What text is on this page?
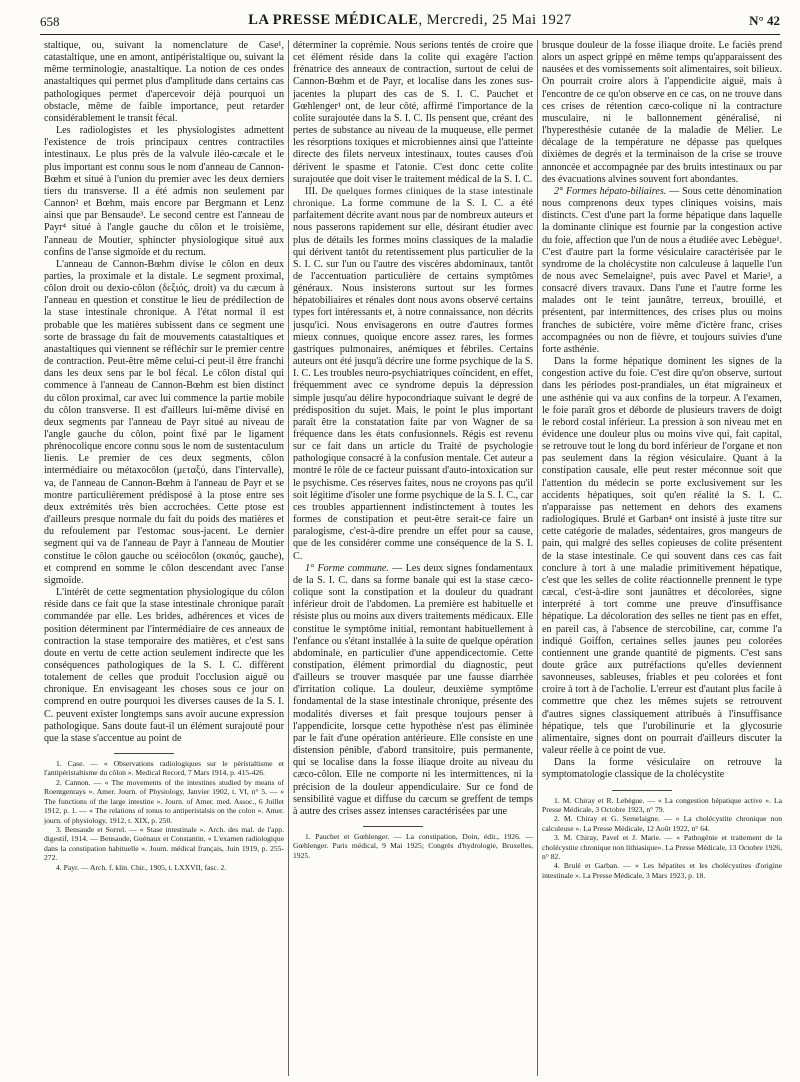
658	LA PRESSE MÉDICALE, Mercredi, 25 Mai 1927	N° 42

staltique, ou, suivant la nomenclature de Case¹, catastaltique, une en amont, antipéristaltique ou, suivant la même terminologie, anastaltique. La notion de ces ondes anastaltiques qui permet plus d'amplitude dans certains cas pathologiques permet d'apercevoir déjà pourquoi un obstacle, même de faible importance, peut retarder considérablement le transit fécal.

Les radiologistes et les physiologistes admettent l'existence de trois principaux centres contractiles intestinaux. Le plus près de la valvule iléo-cæcale et le plus important est connu sous le nom d'anneau de Cannon-Bœhm et situé à l'union du premier avec les deux derniers tiers du transverse. Il a été admis non seulement par Cannon² et Bœhm, mais encore par Bergmann et Lenz ainsi que par Bensaude³. Le second centre est l'anneau de Payr⁴ situé à l'angle gauche du côlon et le troisième, l'anneau de Moutier, sphincter physiologique situé aux confins de l'anse sigmoïde et du rectum.

L'anneau de Cannon-Bœhm divise le côlon en deux parties, la proximale et la distale. Le segment proximal, côlon droit ou dexio-côlon (δεξιός, droit) va du cæcum à l'anneau en question et constitue le lieu de prédilection de la stase intestinale chronique. A l'état normal il est probable que les matières subissent dans ce segment une sorte de brassage du fait de mouvements catastaltiques et anastaltiques qui viennent se réfléchir sur le premier centre de contraction. Peut-être même celui-ci peut-il être franchi dans les deux sens par le bol fécal. Le côlon distal qui commence à l'anneau de Cannon-Bœhm est bien distinct du côlon proximal, car avec lui commence la partie mobile du côlon transverse. Il est d'ailleurs lui-même divisé en deux segments par l'anneau de Payr situé au niveau de l'angle gauche du côlon, point fixé par le ligament phrénocolique encore connu sous le nom de sustentaculum lienis. Le premier de ces deux segments, côlon intermédiaire ou métaxocôlon (μεταξύ, dans l'intervalle), va, de l'anneau de Cannon-Bœhm à l'anneau de Payr et se montre particulièrement prédisposé à la ptose entre ses deux extrémités très bien accrochées. Cette ptose est d'ailleurs presque normale du fait du poids des matières et du refoulement par l'estomac sous-jacent. Le dernier segment qui va de l'anneau de Payr à l'anneau de Moutier constitue le côlon gauche ou scéiocôlon (σκαιός, gauche), et comprend en somme le côlon descendant avec l'anse sigmoïde.

L'intérêt de cette segmentation physiologique du côlon réside dans ce fait que la stase intestinale chronique paraît commandée par elle. Les brides, adhérences et vices de position déterminent par l'intermédiaire de ces anneaux de contraction la stase temporaire des matières, et c'est sans doute en vertu de cette action seulement indirecte que les conséquences pathologiques de la S. I. C. diffèrent totalement de celles que produit l'occlusion aiguë ou chronique. En envisageant les choses sous ce jour on comprend en outre pourquoi les diverses causes de la S. I. C. peuvent exister longtemps sans avoir aucune expression pathologique. Sans doute faut-il un élément surajouté pour que la stase s'accentue au point de

1. Case. — « Observations radiologiques sur le péristaltisme et l'antipéristaltisme du côlon ». Medical Record, 7 Mars 1914, p. 415-426.

2. Cannon. — « The movements of the intestines studied by means of Roentgenrays ». Amer. Journ. of Physiology, Janvier 1902, t. VI, n° 5. — « The functions of the large intestine ». Journ. of Amer. med. Assoc., 6 Juillet 1912, p. 1. — « The relations of tonus to antiperistalsis on the colon ». Amer. journ. of physiology, 1912, t. XIX, p. 250.

3. Bensaude et Sorrel. — « Stase intestinale ». Arch. des mal. de l'app. digestif, 1914. — Bensaude, Guénaux et Constantin. « L'examen radiologique dans la constipation habituelle ». Journ. médical français, Juin 1919, p. 255-272.

4. Payr. — Arch. f. klin. Chir., 1905, t. LXXVII, fasc. 2.

déterminer la coprémie. Nous serions tentés de croire que cet élément réside dans la colite qui exagère l'action frénatrice des anneaux de contraction, surtout de celui de Cannon-Bœhm et de Payr, et localise dans les zones sus-jacentes la plupart des cas de S. I. C. Pauchet et Gœhlenger¹ ont, de leur côté, affirmé l'importance de la colite surajoutée dans la S. I. C. Ils pensent que, créant des pertes de substance au niveau de la muqueuse, elle permet les résorptions toxiques et microbiennes ainsi que l'atteinte directe des filets nerveux intestinaux, toutes causes d'où dérivent le spasme et l'atonie. C'est donc cette colite surajoutée que doit viser le traitement médical de la S. I. C.

III. De quelques formes cliniques de la stase intestinale chronique. La forme commune de la S. I. C. a été parfaitement décrite avant nous par de nombreux auteurs et nous passerons rapidement sur elle, désirant étudier avec plus de détails les formes moins classiques de la maladie qui dérivent tantôt du retentissement plus particulier de la S. I. C. sur l'un ou l'autre des viscères abdominaux, tantôt de l'accentuation particulière de certains symptômes généraux. Nous insisterons surtout sur les formes hépatobiliaires et rénales dont nous avons observé certains types fort intéressants et, à notre connaissance, non décrits jusqu'ici. Nous envisagerons en outre d'autres formes mieux connues, quoique encore assez rares, les formes gastriques pulmonaires, anémiques et fébriles. Certains auteurs ont été jusqu'à décrire une forme psychique de la S. I. C. Les troubles neuro-psychiatriques coïncident, en effet, fréquemment avec ce syndrome depuis la dépression simple jusqu'au délire hypocondriaque suivant le degré de prédisposition du sujet. Mais, le point le plus important paraît être la constatation faite par von Wagner de sa fréquence dans les états confusionnels. Régis est revenu sur ce fait dans un article du Traité de psychologie pathologique consacré à la confusion mentale. Cet auteur a montré le rôle de ce facteur puissant d'auto-intoxication sur le psychisme. Ces réserves faites, nous ne croyons pas qu'il soit légitime d'isoler une forme psychique de la S. I. C., car ces troubles appartiennent indistinctement à toutes les formes de constipation et peut-être serait-ce faire un paralogisme, c'est-à-dire prendre un effet pour sa cause, que de les considérer comme une conséquence de la S. I. C.

1° Forme commune. — Les deux signes fondamentaux de la S. I. C. dans sa forme banale qui est la stase cæco-colique sont la constipation et la douleur du quadrant inférieur droit de l'abdomen. La première est habituelle et résiste plus ou moins aux divers traitements médicaux. Elle constitue le symptôme initial, remontant habituellement à l'enfance ou s'étant installée à la suite de quelque opération abdominale, en particulier d'une appendicectomie. Cette constipation, élément primordial du diagnostic, peut d'ailleurs se trouver masquée par une fausse diarrhée d'irritation colique. La douleur, deuxième symptôme fondamental de la stase intestinale chronique, présente des modalités diverses et fait presque toujours penser à l'appendicite, lorsque cette hypothèse n'est pas éliminée par le fait d'une opération antérieure. Elle consiste en une distension pénible, d'abord transitoire, puis permanente, qui se localise dans la fosse iliaque droite au niveau du cæco-côlon. Elle ne comporte ni les intermittences, ni la précision de la douleur appendiculaire. Sur ce fond de sensibilité vague et diffuse du cæcum se greffent de temps à autre des crises assez intenses caractérisées par une

1. Pauchet et Gœhlenger. — La constipation, Doin, édit., 1926. — Gœhlenger. Paris médical, 9 Mai 1925; Congrès d'hydrologie, Bruxelles, 1925.

brusque douleur de la fosse iliaque droite. Le faciès prend alors un aspect grippé en même temps qu'apparaissent des nausées et des vomissements soit alimentaires, soit bilieux. On pourrait croire alors à l'appendicite aiguë, mais à l'encontre de ce qu'on observe en ce cas, on ne trouve dans ces crises de rétention cæco-colique ni la contracture musculaire, ni le ballonnement généralisé, ni l'hyperesthésie cutanée de la maladie de Mélier. Le décalage de la température ne dépasse pas quelques dixièmes de degrés et la terminaison de la crise se trouve annoncée et accompagnée par des bruits intestinaux ou par des évacuations alvines souvent fort abondantes.

2° Formes hépato-biliaires. — Sous cette dénomination nous comprenons deux types cliniques voisins, mais distincts. C'est d'une part la forme hépatique dans laquelle la dominante clinique est fournie par la congestion active du foie, affection que l'un de nous a étudiée avec Lebègue¹. C'est d'autre part la forme vésiculaire caractérisée par le syndrome de la cholécystite non calculeuse à laquelle l'un de nous avec Semelaigne², puis avec Pavel et Marie³, a consacré divers travaux. Dans l'une et l'autre forme les malades ont le teint jaunâtre, terreux, brouillé, et présentent, par intermittences, des crises plus ou moins franches de subictère, voire même d'ictère franc, crises accompagnées ou non de fièvre, et toujours suivies d'une forte asthénie.

Dans la forme hépatique dominent les signes de la congestion active du foie. C'est dire qu'on observe, surtout dans les périodes post-prandiales, un état migraineux et une asthénie qui va aux confins de la torpeur. A l'examen, le foie paraît gros et déborde de plusieurs travers de doigt le rebord costal inférieur. La pression à son niveau met en évidence une douleur plus ou moins vive qui, fait capital, se retrouve tout le long du bord inférieur de l'organe et non pas seulement dans la région vésiculaire. Quant à la constipation causale, elle peut rester méconnue soit que l'attention du médecin se porte exclusivement sur les accidents hépatiques, soit qu'en réalité la S. I. C. n'apparaisse pas nettement en dehors des examens radiologiques. Brulé et Garban⁴ ont insisté à juste titre sur cette catégorie de malades, sédentaires, gros mangeurs de pain, qui malgré des selles copieuses de colite présentent de la stase intestinale. Ce qui souvent dans ces cas fait conclure à tort à une maladie primitivement hépatique, c'est que les selles de colite réactionnelle prennent le type cæcal, c'est-à-dire sont jaunâtres et décolorées, signe interprété à tort comme une preuve d'insuffisance hépatique. La décoloration des selles ne tient pas en effet, en pareil cas, à l'absence de stercobiline, car, comme l'a indiqué Goiffon, certaines selles jaunes peu colorées contiennent une grande quantité de pigments. C'est sans doute grâce aux putréfactions qu'elles deviennent savonneuses, sableuses, friables et peu colorées et font croire à tort à de l'acholie. L'erreur est d'autant plus facile à commettre que chez les mêmes sujets se retrouvent d'autres signes classiquement attribués à l'insuffisance hépatique, tels que l'urobilinurie et la glycosurie alimentaire, signes dont on pourrait d'ailleurs discuter la valeur réelle à ce point de vue.

Dans la forme vésiculaire on retrouve la symptomatologie classique de la cholécystite

1. M. Chiray et R. Lebègue. — « La congestion hépatique active ». La Presse Médicale, 3 Octobre 1923, n° 79.

2. M. Chiray et G. Semelaigne. — « La cholécystite chronique non calculeuse ». La Presse Médicale, 12 Août 1922, n° 64.

3. M. Chiray, Pavel et J. Marie. — « Pathogénie et traitement de la cholécystite chronique non lithiasique». La Presse Médicale, 13 Octobre 1926, n° 82.

4. Brulé et Garban. — « Les hépatites et les cholécystites d'origine intestinale ». La Presse Médicale, 3 Mars 1923, p. 18.
